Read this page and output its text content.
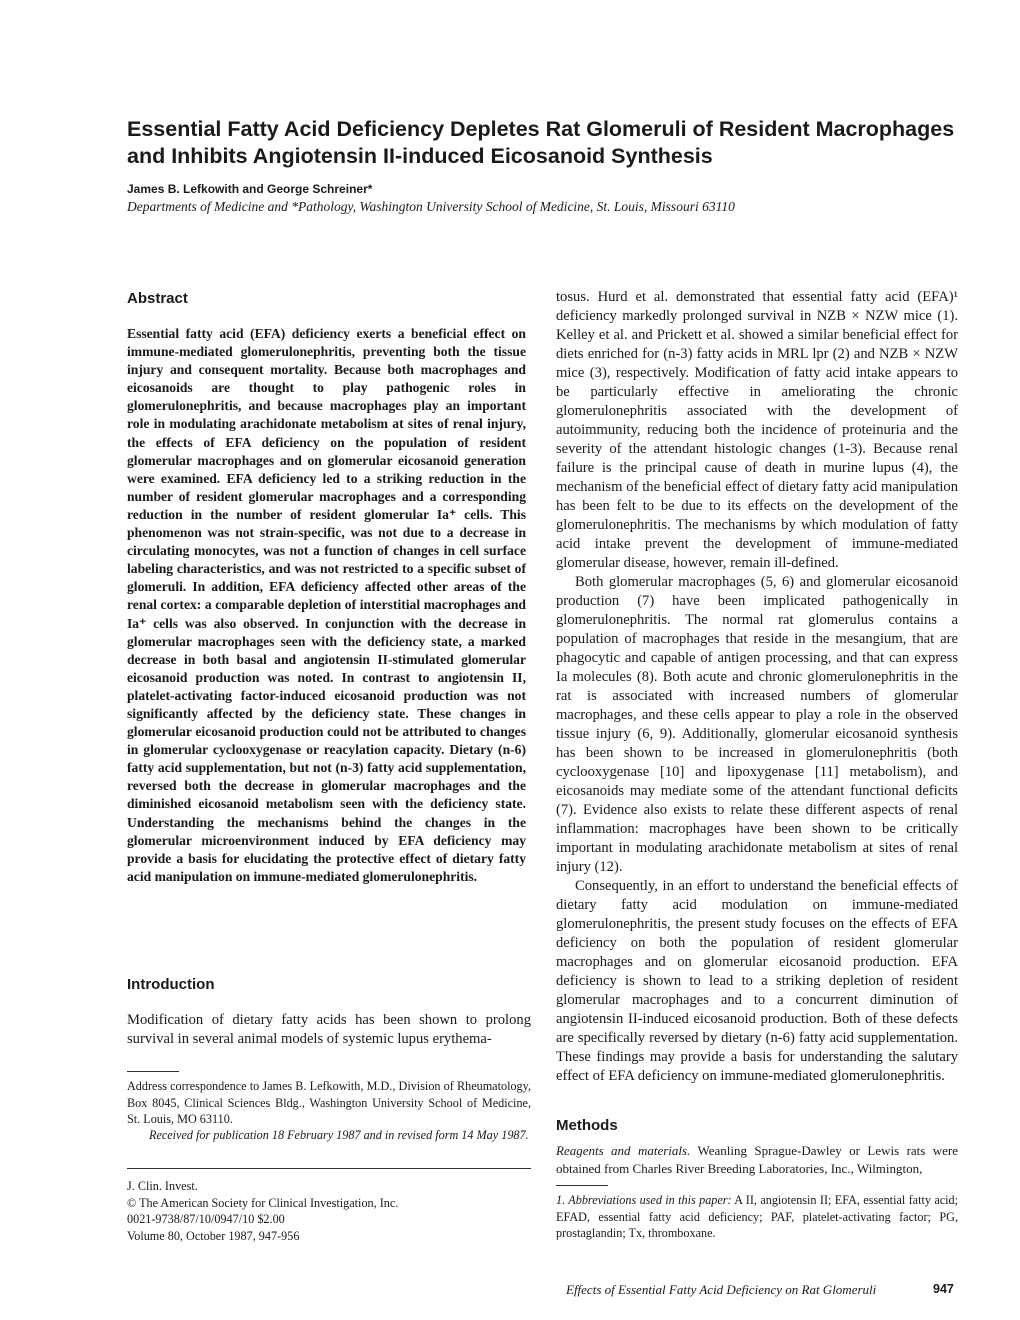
Essential Fatty Acid Deficiency Depletes Rat Glomeruli of Resident Macrophages and Inhibits Angiotensin II-induced Eicosanoid Synthesis
James B. Lefkowith and George Schreiner*
Departments of Medicine and *Pathology, Washington University School of Medicine, St. Louis, Missouri 63110
Abstract

Essential fatty acid (EFA) deficiency exerts a beneficial effect on immune-mediated glomerulonephritis, preventing both the tissue injury and consequent mortality. Because both macrophages and eicosanoids are thought to play pathogenic roles in glomerulonephritis, and because macrophages play an important role in modulating arachidonate metabolism at sites of renal injury, the effects of EFA deficiency on the population of resident glomerular macrophages and on glomerular eicosanoid generation were examined. EFA deficiency led to a striking reduction in the number of resident glomerular macrophages and a corresponding reduction in the number of resident glomerular Ia⁺ cells. This phenomenon was not strain-specific, was not due to a decrease in circulating monocytes, was not a function of changes in cell surface labeling characteristics, and was not restricted to a specific subset of glomeruli. In addition, EFA deficiency affected other areas of the renal cortex: a comparable depletion of interstitial macrophages and Ia⁺ cells was also observed. In conjunction with the decrease in glomerular macrophages seen with the deficiency state, a marked decrease in both basal and angiotensin II-stimulated glomerular eicosanoid production was noted. In contrast to angiotensin II, platelet-activating factor-induced eicosanoid production was not significantly affected by the deficiency state. These changes in glomerular eicosanoid production could not be attributed to changes in glomerular cyclooxygenase or reacylation capacity. Dietary (n-6) fatty acid supplementation, but not (n-3) fatty acid supplementation, reversed both the decrease in glomerular macrophages and the diminished eicosanoid metabolism seen with the deficiency state. Understanding the mechanisms behind the changes in the glomerular microenvironment induced by EFA deficiency may provide a basis for elucidating the protective effect of dietary fatty acid manipulation on immune-mediated glomerulonephritis.

Introduction

Modification of dietary fatty acids has been shown to prolong survival in several animal models of systemic lupus erythema-

Address correspondence to James B. Lefkowith, M.D., Division of Rheumatology, Box 8045, Clinical Sciences Bldg., Washington University School of Medicine, St. Louis, MO 63110.

Received for publication 18 February 1987 and in revised form 14 May 1987.

J. Clin. Invest.
© The American Society for Clinical Investigation, Inc.
0021-9738/87/10/0947/10 $2.00
Volume 80, October 1987, 947-956

tosus. Hurd et al. demonstrated that essential fatty acid (EFA)¹ deficiency markedly prolonged survival in NZB × NZW mice (1). Kelley et al. and Prickett et al. showed a similar beneficial effect for diets enriched for (n-3) fatty acids in MRL lpr (2) and NZB × NZW mice (3), respectively. Modification of fatty acid intake appears to be particularly effective in ameliorating the chronic glomerulonephritis associated with the development of autoimmunity, reducing both the incidence of proteinuria and the severity of the attendant histologic changes (1-3). Because renal failure is the principal cause of death in murine lupus (4), the mechanism of the beneficial effect of dietary fatty acid manipulation has been felt to be due to its effects on the development of the glomerulonephritis. The mechanisms by which modulation of fatty acid intake prevent the development of immune-mediated glomerular disease, however, remain ill-defined.

Both glomerular macrophages (5, 6) and glomerular eicosanoid production (7) have been implicated pathogenically in glomerulonephritis. The normal rat glomerulus contains a population of macrophages that reside in the mesangium, that are phagocytic and capable of antigen processing, and that can express Ia molecules (8). Both acute and chronic glomerulonephritis in the rat is associated with increased numbers of glomerular macrophages, and these cells appear to play a role in the observed tissue injury (6, 9). Additionally, glomerular eicosanoid synthesis has been shown to be increased in glomerulonephritis (both cyclooxygenase [10] and lipoxygenase [11] metabolism), and eicosanoids may mediate some of the attendant functional deficits (7). Evidence also exists to relate these different aspects of renal inflammation: macrophages have been shown to be critically important in modulating arachidonate metabolism at sites of renal injury (12).

Consequently, in an effort to understand the beneficial effects of dietary fatty acid modulation on immune-mediated glomerulonephritis, the present study focuses on the effects of EFA deficiency on both the population of resident glomerular macrophages and on glomerular eicosanoid production. EFA deficiency is shown to lead to a striking depletion of resident glomerular macrophages and to a concurrent diminution of angiotensin II-induced eicosanoid production. Both of these defects are specifically reversed by dietary (n-6) fatty acid supplementation. These findings may provide a basis for understanding the salutary effect of EFA deficiency on immune-mediated glomerulonephritis.

Methods

Reagents and materials. Weanling Sprague-Dawley or Lewis rats were obtained from Charles River Breeding Laboratories, Inc., Wilmington,

1. Abbreviations used in this paper: A II, angiotensin II; EFA, essential fatty acid; EFAD, essential fatty acid deficiency; PAF, platelet-activating factor; PG, prostaglandin; Tx, thromboxane.

Effects of Essential Fatty Acid Deficiency on Rat Glomeruli	947
